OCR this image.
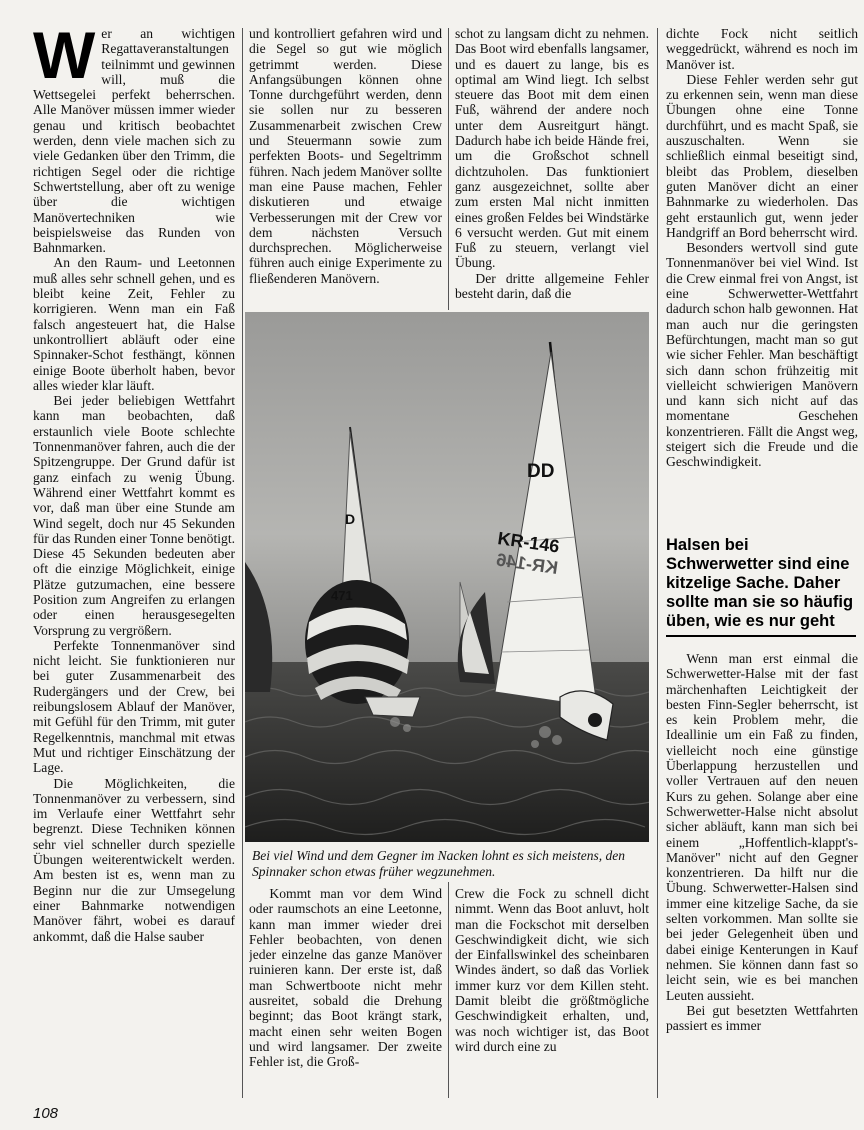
W er an wichtigen Regattaveranstaltungen teilnimmt und gewinnen will, muß die Wettsegelei perfekt beherrschen. Alle Manöver müssen immer wieder genau und kritisch beobachtet werden, denn viele machen sich zu viele Gedanken über den Trimm, die richtigen Segel oder die richtige Schwertstellung, aber oft zu wenige über die wichtigen Manövertechniken wie beispielsweise das Runden von Bahnmarken.

An den Raum- und Leetonnen muß alles sehr schnell gehen, und es bleibt keine Zeit, Fehler zu korrigieren. Wenn man ein Faß falsch angesteuert hat, die Halse unkontrolliert abläuft oder eine Spinnaker-Schot festhängt, können einige Boote überholt haben, bevor alles wieder klar läuft.

Bei jeder beliebigen Wettfahrt kann man beobachten, daß erstaunlich viele Boote schlechte Tonnenmanöver fahren, auch die der Spitzengruppe. Der Grund dafür ist ganz einfach zu wenig Übung. Während einer Wettfahrt kommt es vor, daß man über eine Stunde am Wind segelt, doch nur 45 Sekunden für das Runden einer Tonne benötigt. Diese 45 Sekunden bedeuten aber oft die einzige Möglichkeit, einige Plätze gutzumachen, eine bessere Position zum Angreifen zu erlangen oder einen herausgesegelten Vorsprung zu vergrößern.

Perfekte Tonnenmanöver sind nicht leicht. Sie funktionieren nur bei guter Zusammenarbeit des Rudergängers und der Crew, bei reibungslosem Ablauf der Manöver, mit Gefühl für den Trimm, mit guter Regelkenntnis, manchmal mit etwas Mut und richtiger Einschätzung der Lage.

Die Möglichkeiten, die Tonnenmanöver zu verbessern, sind im Verlaufe einer Wettfahrt sehr begrenzt. Diese Techniken können sehr viel schneller durch spezielle Übungen weiterentwickelt werden. Am besten ist es, wenn man zu Beginn nur die zur Umsegelung einer Bahnmarke notwendigen Manöver fährt, wobei es darauf ankommt, daß die Halse sauber

und kontrolliert gefahren wird und die Segel so gut wie möglich getrimmt werden. Diese Anfangsübungen können ohne Tonne durchgeführt werden, denn sie sollen nur zu besseren Zusammenarbeit zwischen Crew und Steuermann sowie zum perfekten Boots- und Segeltrimm führen. Nach jedem Manöver sollte man eine Pause machen, Fehler diskutieren und etwaige Verbesserungen mit der Crew vor dem nächsten Versuch durchsprechen. Möglicherweise führen auch einige Experimente zu fließenderen Manövern.

schot zu langsam dicht zu nehmen. Das Boot wird ebenfalls langsamer, und es dauert zu lange, bis es optimal am Wind liegt. Ich selbst steuere das Boot mit dem einen Fuß, während der andere noch unter dem Ausreitgurt hängt. Dadurch habe ich beide Hände frei, um die Großschot schnell dichtzuholen. Das funktioniert ganz ausgezeichnet, sollte aber zum ersten Mal nicht inmitten eines großen Feldes bei Windstärke 6 versucht werden. Gut mit einem Fuß zu steuern, verlangt viel Übung.

Der dritte allgemeine Fehler besteht darin, daß die

dichte Fock nicht seitlich weggedrückt, während es noch im Manöver ist.

Diese Fehler werden sehr gut zu erkennen sein, wenn man diese Übungen ohne eine Tonne durchführt, und es macht Spaß, sie auszuschalten. Wenn sie schließlich einmal beseitigt sind, bleibt das Problem, dieselben guten Manöver dicht an einer Bahnmarke zu wiederholen. Das geht erstaunlich gut, wenn jeder Handgriff an Bord beherrscht wird.

Besonders wertvoll sind gute Tonnenmanöver bei viel Wind. Ist die Crew einmal frei von Angst, ist eine Schwerwetter-Wettfahrt dadurch schon halb gewonnen. Hat man auch nur die geringsten Befürchtungen, macht man so gut wie sicher Fehler. Man beschäftigt sich dann schon frühzeitig mit vielleicht schwierigen Manövern und kann sich nicht auf das momentane Geschehen konzentrieren. Fällt die Angst weg, steigert sich die Freude und die Geschwindigkeit.

D
471
DD
KR-146
KR-146
Bei viel Wind und dem Gegner im Nacken lohnt es sich meistens, den Spinnaker schon etwas früher wegzunehmen.
Halsen bei Schwerwetter sind eine kitzelige Sache. Daher sollte man sie so häufig üben, wie es nur geht

Wenn man erst einmal die Schwerwetter-Halse mit der fast märchenhaften Leichtigkeit der besten Finn-Segler beherrscht, ist es kein Problem mehr, die Ideallinie um ein Faß zu finden, vielleicht noch eine günstige Überlappung herzustellen und voller Vertrauen auf den neuen Kurs zu gehen. Solange aber eine Schwerwetter-Halse nicht absolut sicher abläuft, kann man sich bei einem „Hoffentlich-klappt's-Manöver" nicht auf den Gegner konzentrieren. Da hilft nur die Übung. Schwerwetter-Halsen sind immer eine kitzelige Sache, da sie selten vorkommen. Man sollte sie bei jeder Gelegenheit üben und dabei einige Kenterungen in Kauf nehmen. Sie können dann fast so leicht sein, wie es bei manchen Leuten aussieht.

Bei gut besetzten Wettfahrten passiert es immer

Kommt man vor dem Wind oder raumschots an eine Leetonne, kann man immer wieder drei Fehler beobachten, von denen jeder einzelne das ganze Manöver ruinieren kann. Der erste ist, daß man Schwertboote nicht mehr ausreitet, sobald die Drehung beginnt; das Boot krängt stark, macht einen sehr weiten Bogen und wird langsamer. Der zweite Fehler ist, die Groß-

Crew die Fock zu schnell dicht nimmt. Wenn das Boot anluvt, holt man die Fockschot mit derselben Geschwindigkeit dicht, wie sich der Einfallswinkel des scheinbaren Windes ändert, so daß das Vorliek immer kurz vor dem Killen steht. Damit bleibt die größtmögliche Geschwindigkeit erhalten, und, was noch wichtiger ist, das Boot wird durch eine zu

108
